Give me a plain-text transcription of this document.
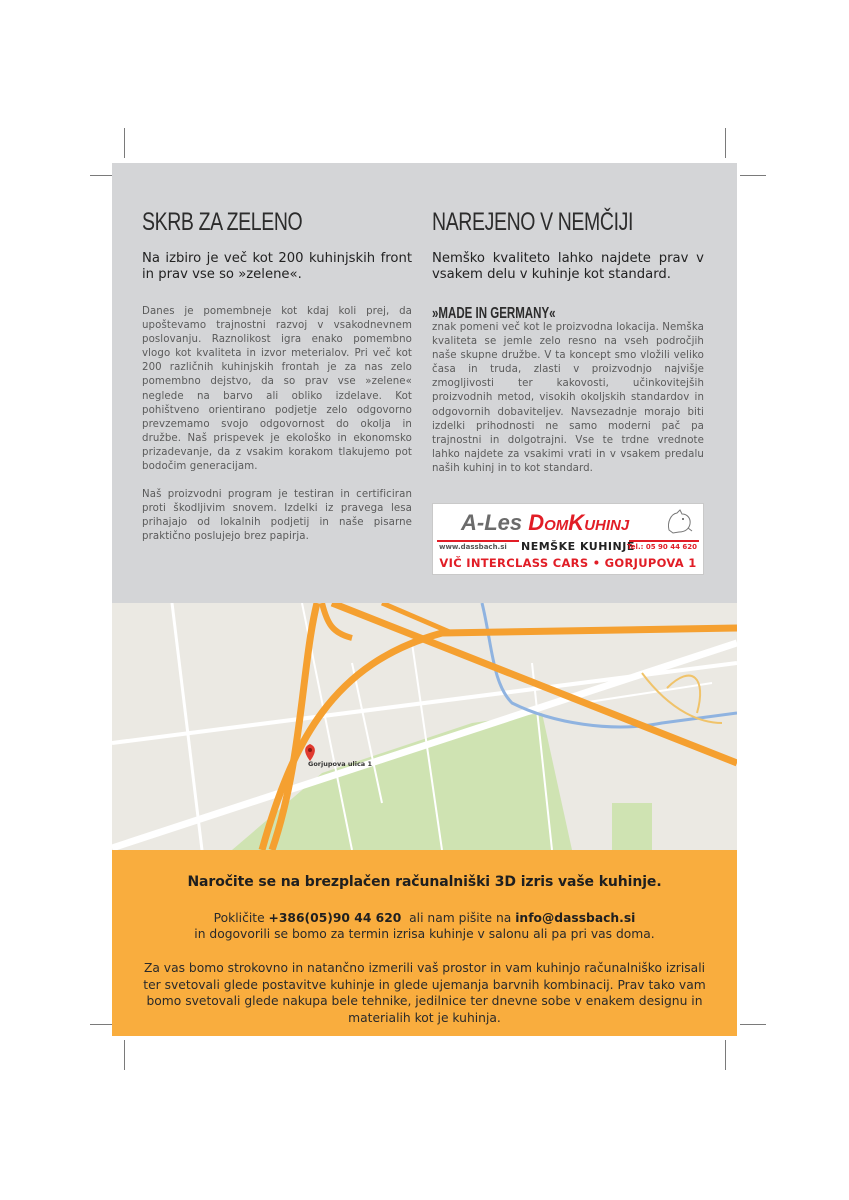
SKRB ZA ZELENO

Na izbiro je več kot 200 kuhinjskih front in prav vse so »zelene«.

Danes je pomembneje kot kdaj koli prej, da upoštevamo trajnostni razvoj v vsakodnevnem poslovanju. Raznolikost igra enako pomembno vlogo kot kvaliteta in izvor meterialov. Pri več kot 200 različnih kuhinjskih frontah je za nas zelo pomembno dejstvo, da so prav vse »zelene« neglede na barvo ali obliko izdelave. Kot pohištveno orientirano podjetje zelo odgovorno prevzemamo svojo odgovornost do okolja in družbe. Naš prispevek je ekološko in ekonomsko prizadevanje, da z vsakim korakom tlakujemo pot bodočim generacijam.

Naš proizvodni program je testiran in certificiran proti škodljivim snovem. Izdelki iz pravega lesa prihajajo od lokalnih podjetij in naše pisarne praktično poslujejo brez papirja.

NAREJENO V NEMČIJI

Nemško kvaliteto lahko najdete prav v vsakem delu v kuhinje kot standard.

»MADE IN GERMANY«

znak pomeni več kot le proizvodna lokacija. Nemška kvaliteta se jemle zelo resno na vseh področjih naše skupne družbe. V ta koncept smo vložili veliko časa in truda, zlasti v proizvodnjo najvišje zmogljivosti ter kakovosti, učinkovitejših proizvodnih metod, visokih okoljskih standardov in odgovornih dobaviteljev. Navsezadnje morajo biti izdelki prihodnosti ne samo moderni pač pa trajnostni in dolgotrajni. Vse te trdne vrednote lahko najdete za vsakimi vrati in v vsakem predalu naših kuhinj in to kot standard.

A-Les DomKuhinj
www.dassbach.si NEMŠKE KUHINJE
Tel.: 05 90 44 620
VIČ INTERCLASS CARS • GORJUPOVA 1
Gorjupova ulica 1

Naročite se na brezplačen računalniški 3D izris vaše kuhinje.

Pokličite +386(05)90 44 620  ali nam pišite na info@dassbach.si
in dogovorili se bomo za termin izrisa kuhinje v salonu ali pa pri vas doma.

Za vas bomo strokovno in natančno izmerili vaš prostor in vam kuhinjo računalniško izrisali ter svetovali glede postavitve kuhinje in glede ujemanja barvnih kombinacij. Prav tako vam bomo svetovali glede nakupa bele tehnike, jedilnice ter dnevne sobe v enakem designu in materialih kot je kuhinja.
